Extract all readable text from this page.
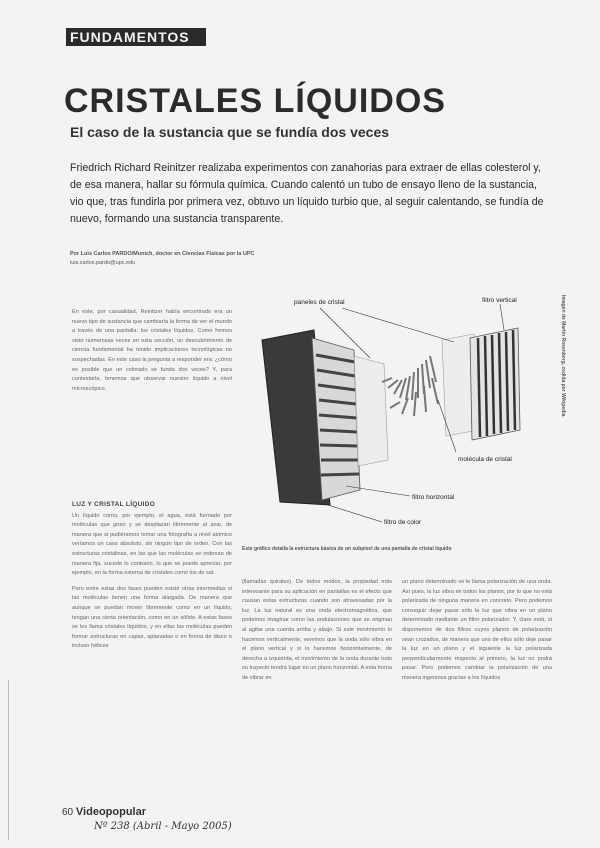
FUNDAMENTOS
CRISTALES LÍQUIDOS
El caso de la sustancia que se fundía dos veces

Friedrich Richard Reinitzer realizaba experimentos con zanahorias para extraer de ellas colesterol y, de esa manera, hallar su fórmula química. Cuando calentó un tubo de ensayo lleno de la sustancia, vio que, tras fundirla por primera vez, obtuvo un líquido turbio que, al seguir calentando, se fundía de nuevo, formando una sustancia transparente.

Por Luis Carlos PARDO/Munich, doctor en Ciencias Físicas por la UPC
luis.carlos.pardo@upc.edu

En este, por casualidad, Reinitzer había encontrado era un nuevo tipo de sustancia que cambiaría la forma de ver el mundo a través de una pantalla: los cristales líquidos. Como hemos visto numerosas veces en esta sección, un descubrimiento de ciencia fundamental ha tenido implicaciones tecnológicas no sospechadas. En este caso la pregunta a responder era: ¿cómo es posible que un colorado se funda dos veces? Y, para contestarla, tenemos que observar nuestro líquido a nivel microscópico.

LUZ Y CRISTAL LÍQUIDO

Un líquido como, por ejemplo, el agua, está formado por moléculas que giran y se desplazan libremente al azar, de manera que si pudiéramos tomar una fotografía a nivel atómico veríamos un caos absoluto, sin ningún tipo de orden. Con las estructuras cristalinas, en las que las moléculas se ordenan de manera fija, sucede lo contrario, lo que se puede apreciar, por ejemplo, en la forma externa de cristales como los de sal.

Pero entre estas dos fases pueden existir otras intermedias si las moléculas tienen una forma alargada. De manera que aunque se puedan mover libremente como en un líquido, tengan una cierta orientación, como en un sólido. A estas fases se les llama cristales líquidos, y en ellas las moléculas pueden formar estructuras en capas, aplanadas o en forma de disco e incluso hélices

paneles de cristal	filtro vertical
molécula de cristal
filtro horizontal
filtro de color
Imagen de Martin Rosenberg, cedida por Wikipedia
Este gráfico detalla la estructura básica de un subpíxel de una pantalla de cristal líquido

(llamadas quirales). De todos modos, la propiedad más interesante para su aplicación en pantallas es el efecto que causan estas estructuras cuando son atravesadas por la luz. La luz natural es una onda electromagnética, que podemos imaginar como las ondulaciones que se originan al agitar una cuerda arriba y abajo. Si este movimiento lo hacemos verticalmente, veremos que la onda sólo vibra en el plano vertical y si lo hacemos horizontalmente, de derecha a izquierda, el movimiento de la onda durante todo su trayecto tendrá lugar en un plano horizontal. A esta forma de vibrar en

un plano determinado se le llama polarización de una onda. Así pues, la luz vibra en todos los planos, por lo que no está polarizada de ninguna manera en concreto. Pero podemos conseguir dejar pasar sólo la luz que vibra en un plano determinado mediante un filtro polarizador. Y, claro está, si disponemos de dos filtros cuyos planos de polarización sean cruzados, de manera que uno de ellos sólo deje pasar la luz en un plano y el siguiente la luz polarizada perpendicularmente respecto al primero, la luz no podrá pasar. Pero podemos cambiar la polarización de una manera ingeniosa gracias a los líquidos

60 Videopopular
Nº 238 (Abril - Mayo 2005)
